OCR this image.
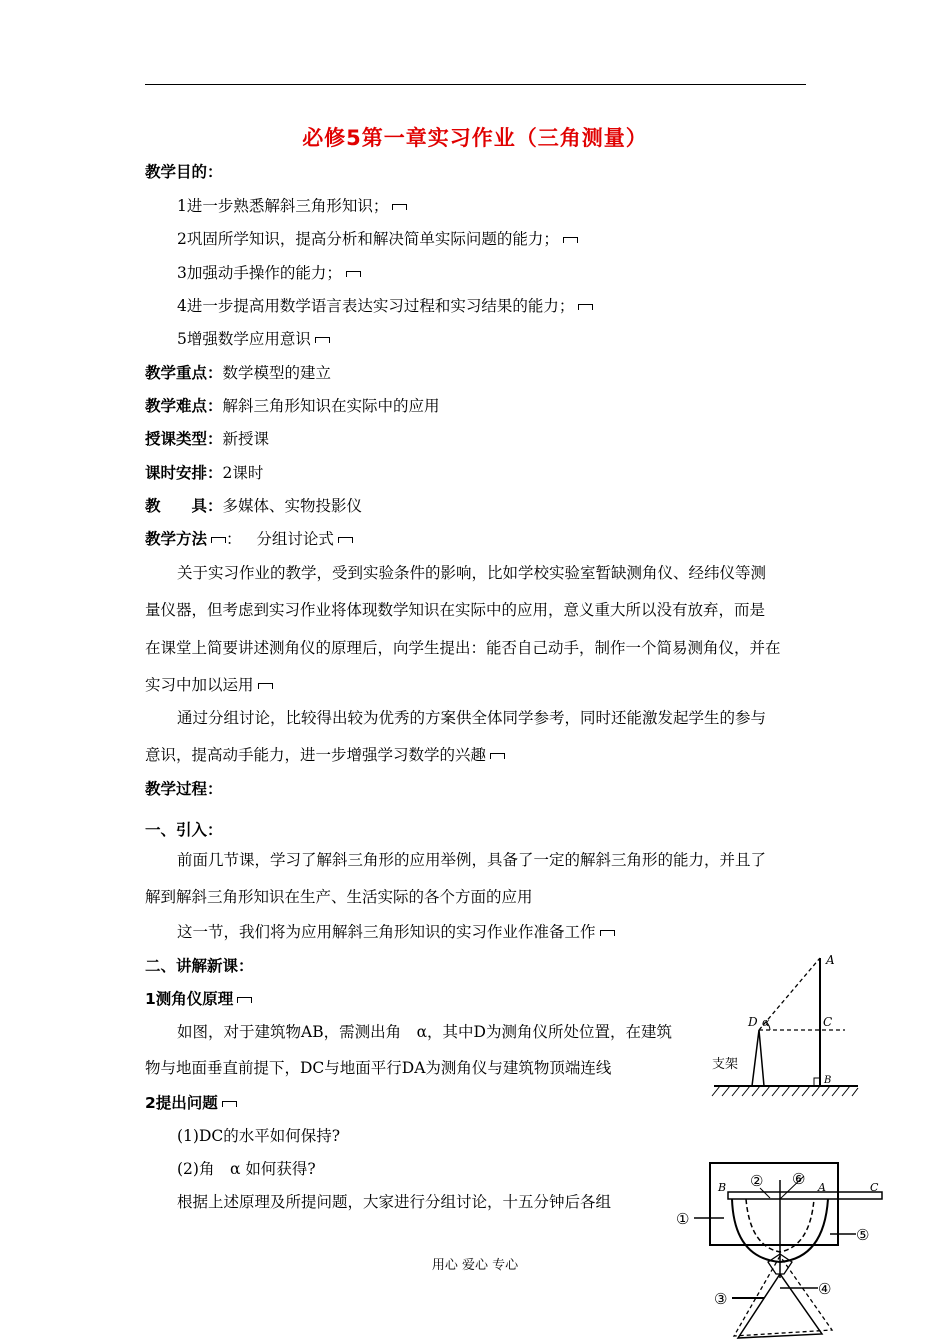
必修5第一章实习作业（三角测量）
教学目的：
1进一步熟悉解斜三角形知识；
2巩固所学知识，提高分析和解决简单实际问题的能力；
3加强动手操作的能力；
4进一步提高用数学语言表达实习过程和实习结果的能力；
5增强数学应用意识
教学重点：数学模型的建立
教学难点：解斜三角形知识在实际中的应用
授课类型：新授课
课时安排：2课时
教　　具：多媒体、实物投影仪
教学方法 ： 分组讨论式
关于实习作业的教学，受到实验条件的影响，比如学校实验室暂缺测角仪、经纬仪等测
量仪器，但考虑到实习作业将体现数学知识在实际中的应用，意义重大所以没有放弃，而是
在课堂上简要讲述测角仪的原理后，向学生提出：能否自己动手，制作一个简易测角仪，并在
实习中加以运用
通过分组讨论，比较得出较为优秀的方案供全体同学参考，同时还能激发起学生的参与
意识，提高动手能力，进一步增强学习数学的兴趣
教学过程：
一、引入：
前面几节课，学习了解斜三角形的应用举例，具备了一定的解斜三角形的能力，并且了
解到解斜三角形知识在生产、生活实际的各个方面的应用
这一节，我们将为应用解斜三角形知识的实习作业作准备工作
二、讲解新课：
1测角仪原理
如图，对于建筑物AB，需测出角　α，其中D为测角仪所处位置，在建筑
物与地面垂直前提下，DC与地面平行DA为测角仪与建筑物顶端连线
2提出问题
(1)DC的水平如何保持?
(2)角　α 如何获得?
根据上述原理及所提问题，大家进行分组讨论，十五分钟后各组
用心 爱心 专心
A
C
B
D α
支架
B	A	C
①
②
③
④
⑤
⑥
